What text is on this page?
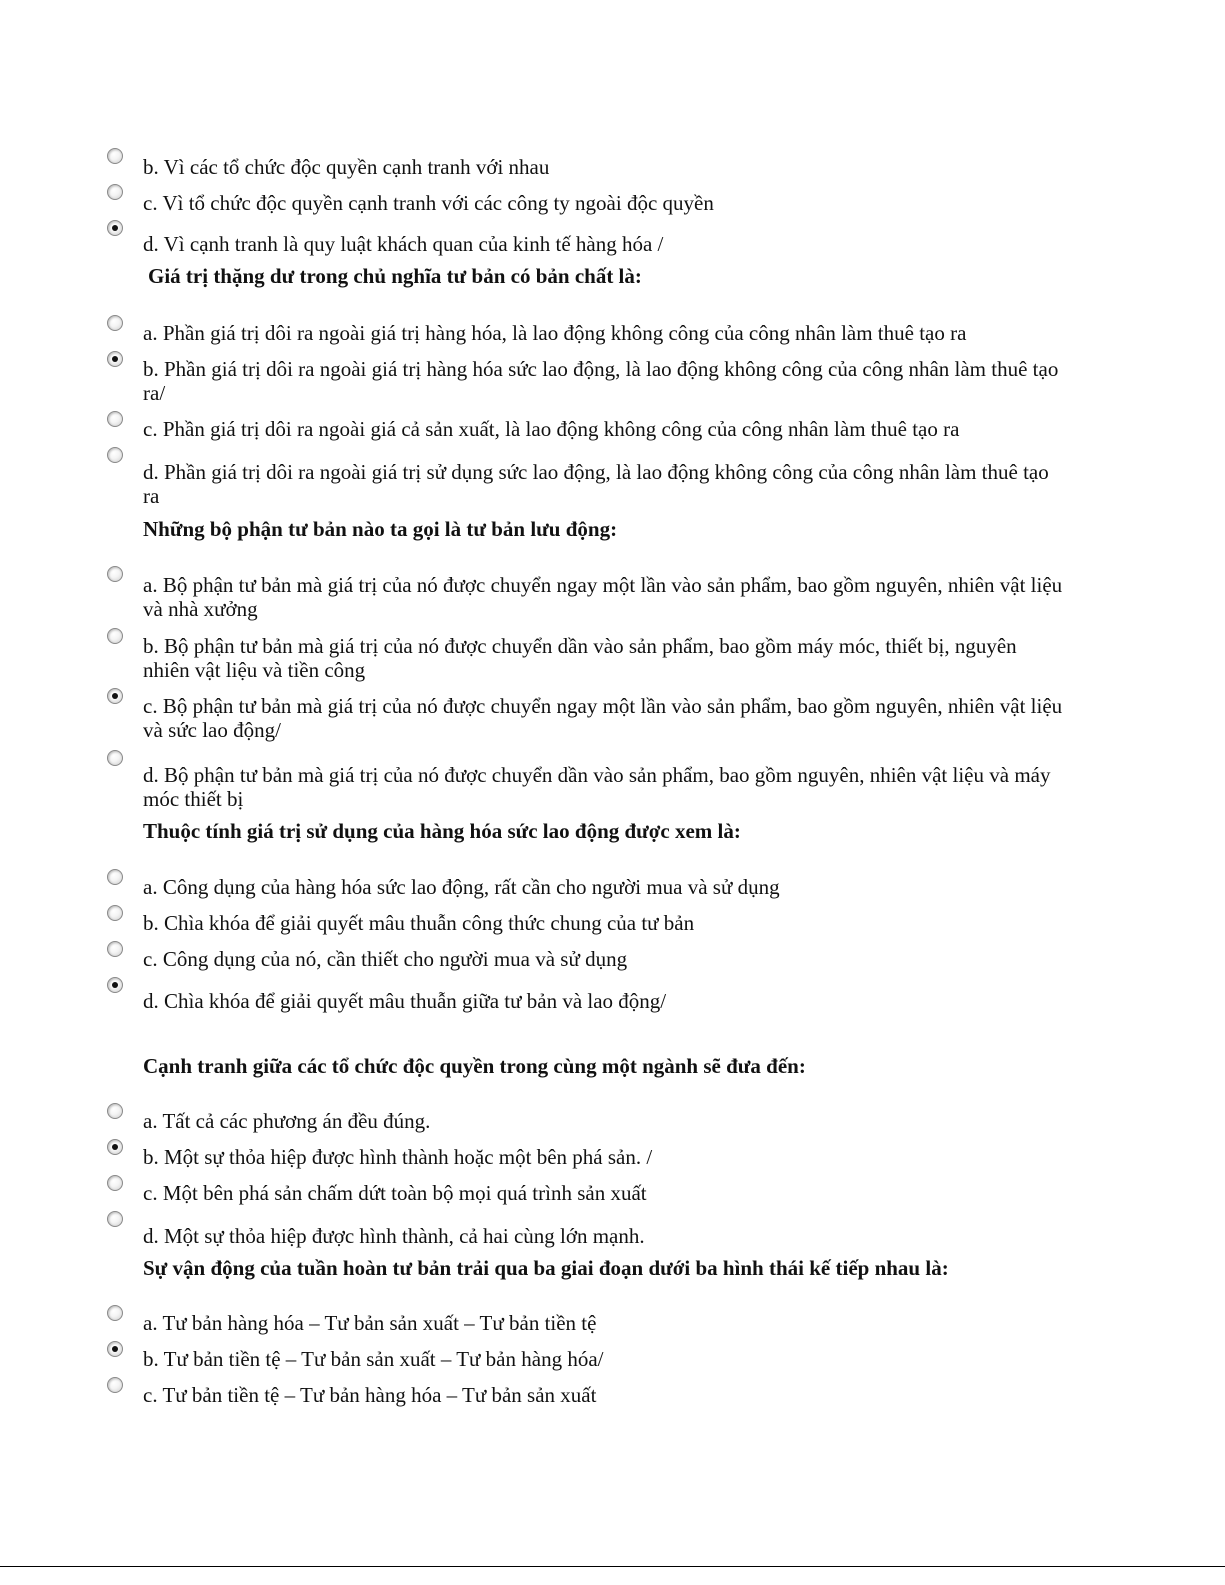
b. Vì các tổ chức độc quyền cạnh tranh với nhau

c. Vì tổ chức độc quyền cạnh tranh với các công ty ngoài độc quyền

d. Vì cạnh tranh là quy luật khách quan của kinh tế hàng hóa /

Giá trị thặng dư trong chủ nghĩa tư bản có bản chất là:

a. Phần giá trị dôi ra ngoài giá trị hàng hóa, là lao động không công của công nhân làm thuê tạo ra

b. Phần giá trị dôi ra ngoài giá trị hàng hóa sức lao động, là lao động không công của công nhân làm thuê tạo ra/

c. Phần giá trị dôi ra ngoài giá cả sản xuất, là lao động không công của công nhân làm thuê tạo ra

d. Phần giá trị dôi ra ngoài giá trị sử dụng sức lao động, là lao động không công của công nhân làm thuê tạo ra

Những bộ phận tư bản nào ta gọi là tư bản lưu động:

a. Bộ phận tư bản mà giá trị của nó được chuyển ngay một lần vào sản phẩm, bao gồm nguyên, nhiên vật liệu và nhà xưởng

b. Bộ phận tư bản mà giá trị của nó được chuyển dần vào sản phẩm, bao gồm máy móc, thiết bị, nguyên nhiên vật liệu và tiền công

c. Bộ phận tư bản mà giá trị của nó được chuyển ngay một lần vào sản phẩm, bao gồm nguyên, nhiên vật liệu và sức lao động/

d. Bộ phận tư bản mà giá trị của nó được chuyển dần vào sản phẩm, bao gồm nguyên, nhiên vật liệu và máy móc thiết bị

Thuộc tính giá trị sử dụng của hàng hóa sức lao động được xem là:

a. Công dụng của hàng hóa sức lao động, rất cần cho người mua và sử dụng

b. Chìa khóa để giải quyết mâu thuẫn công thức chung của tư bản

c. Công dụng của nó, cần thiết cho người mua và sử dụng

d. Chìa khóa để giải quyết mâu thuẫn giữa tư bản và lao động/

Cạnh tranh giữa các tổ chức độc quyền trong cùng một ngành sẽ đưa đến:

a. Tất cả các phương án đều đúng.

b. Một sự thỏa hiệp được hình thành hoặc một bên phá sản. /

c. Một bên phá sản chấm dứt toàn bộ mọi quá trình sản xuất

d. Một sự thỏa hiệp được hình thành, cả hai cùng lớn mạnh.

Sự vận động của tuần hoàn tư bản trải qua ba giai đoạn dưới ba hình thái kế tiếp nhau là:

a. Tư bản hàng hóa – Tư bản sản xuất – Tư bản tiền tệ

b. Tư bản tiền tệ – Tư bản sản xuất – Tư bản hàng hóa/

c. Tư bản tiền tệ – Tư bản hàng hóa – Tư bản sản xuất
